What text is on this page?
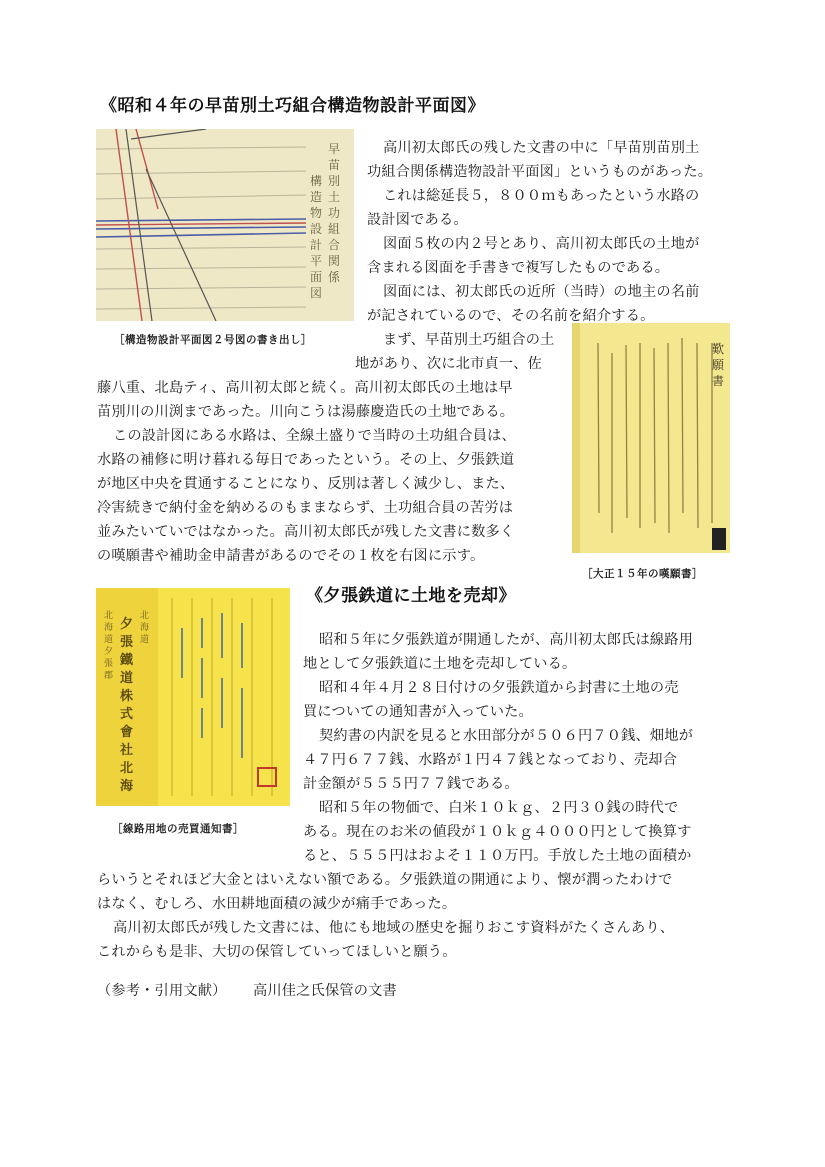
《昭和４年の早苗別土巧組合構造物設計平面図》
早
苗
別
土
功
組
合
関
係
構
造
物
設
計
平
面
図
［構造物設計平面図２号図の書き出し］
歎
願
書
［大正１５年の嘆願書］
高川初太郎氏の残した文書の中に「早苗別苗別土
功組合関係構造物設計平面図」というものがあった。
これは総延長５，８００ｍもあったという水路の
設計図である。
図面５枚の内２号とあり、高川初太郎氏の土地が
含まれる図面を手書きで複写したものである。
図面には、初太郎氏の近所（当時）の地主の名前
が記されているので、その名前を紹介する。
まず、早苗別土巧組合の土
地があり、次に北市貞一、佐
藤八重、北島ティ、高川初太郎と続く。高川初太郎氏の土地は早
苗別川の川渕まであった。川向こうは湯藤慶造氏の土地である。
この設計図にある水路は、全線土盛りで当時の土功組合員は、
水路の補修に明け暮れる毎日であったという。その上、夕張鉄道
が地区中央を貫通することになり、反別は著しく減少し、また、
冷害続きで納付金を納めるのもままならず、土功組合員の苦労は
並みたいていではなかった。高川初太郎氏が残した文書に数多く
の嘆願書や補助金申請書があるのでその１枚を右図に示す。
《夕張鉄道に土地を売却》
夕
張
鐵
道
株
式
會
社
北
海
北
海
道
夕
張
郡
北
海
道
［線路用地の売買通知書］
昭和５年に夕張鉄道が開通したが、高川初太郎氏は線路用
地として夕張鉄道に土地を売却している。
昭和４年４月２８日付けの夕張鉄道から封書に土地の売
買についての通知書が入っていた。
契約書の内訳を見ると水田部分が５０６円７０銭、畑地が
４７円６７７銭、水路が１円４７銭となっており、売却合
計金額が５５５円７７銭である。
昭和５年の物価で、白米１０ｋｇ、２円３０銭の時代で
ある。現在のお米の値段が１０ｋｇ４０００円として換算す
ると、５５５円はおよそ１１０万円。手放した土地の面積か
らいうとそれほど大金とはいえない額である。夕張鉄道の開通により、懐が潤ったわけで
はなく、むしろ、水田耕地面積の減少が痛手であった。
高川初太郎氏が残した文書には、他にも地域の歴史を掘りおこす資料がたくさんあり、
これからも是非、大切の保管していってほしいと願う。
（参考・引用文献） 高川佳之氏保管の文書
